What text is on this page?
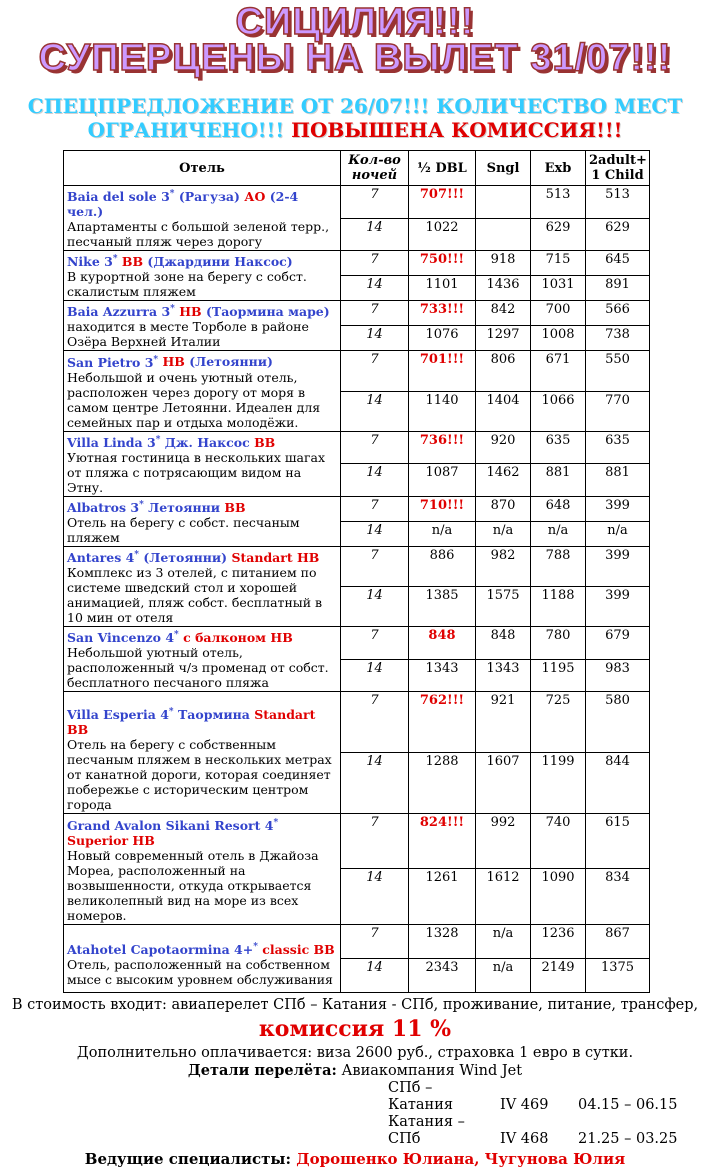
СИЦИЛИЯ!!!
СУПЕРЦЕНЫ НА ВЫЛЕТ 31/07!!!
СПЕЦПРЕДЛОЖЕНИЕ ОТ 26/07!!! КОЛИЧЕСТВО МЕСТ ОГРАНИЧЕНО!!! ПОВЫШЕНА КОМИССИЯ!!!
Отель	Кол-во ночей	½ DBL	Sngl	Exb	2adult+ 1 Child

Baia del sole 3* (Рагуза) АО (2-4 чел.)
Апартаменты с большой зеленой терр., песчаный пляж через дорогу	7	707!!!		513	513
	14	1022		629	629

Nike 3* ВВ (Джардини Наксос)
В курортной зоне на берегу с собст. скалистым пляжем	7	750!!!	918	715	645
	14	1101	1436	1031	891

Baia Azzurra 3* НВ (Таормина маре)
находится в месте Торболе в районе Озёра Верхней Италии	7	733!!!	842	700	566
	14	1076	1297	1008	738

San Pietro 3* НВ (Летоянни)
Небольшой и очень уютный отель, расположен через дорогу от моря в самом центре Летоянни. Идеален для семейных пар и отдыха молодёжи.	7	701!!!	806	671	550
	14	1140	1404	1066	770

Villa Linda 3* Дж. Наксос ВВ
Уютная гостиница в нескольких шагах от пляжа с потрясающим видом на Этну.	7	736!!!	920	635	635
	14	1087	1462	881	881

Albatros 3* Летоянни ВВ
Отель на берегу с собст. песчаным пляжем	7	710!!!	870	648	399
	14	n/a	n/a	n/a	n/a

Antares 4* (Летоянни) Standart HB
Комплекс из 3 отелей, с питанием по системе шведский стол и хорошей анимацией, пляж собст. бесплатный в 10 мин от отеля	7	886	982	788	399
	14	1385	1575	1188	399

San Vincenzo 4* с балконом НВ
Небольшой уютный отель, расположенный ч/з променад от собст. бесплатного песчаного пляжа	7	848	848	780	679
	14	1343	1343	1195	983

Villa Esperia 4* Таормина Standart BB
Отель на берегу с собственным песчаным пляжем в нескольких метрах от канатной дороги, которая соединяет побережье с историческим центром города	7	762!!!	921	725	580
	14	1288	1607	1199	844

Grand Avalon Sikani Resort 4* Superior HB
Новый современный отель в Джайоза Мореа, расположенный на возвышенности, откуда открывается великолепный вид на море из всех номеров.	7	824!!!	992	740	615
	14	1261	1612	1090	834

Atahotel Capotaormina 4+* classic BB
Отель, расположенный на собственном мысе с высоким уровнем обслуживания	7	1328	n/a	1236	867
	14	2343	n/a	2149	1375
В стоимость входит: авиаперелет СПб – Катания - СПб, проживание, питание, трансфер,
комиссия 11 %
Дополнительно оплачивается: виза 2600 руб., страховка 1 евро в сутки.
Детали перелёта: Авиакомпания Wind Jet
СПб – Катания	IV 469 04.15 – 06.15
Катания – СПб	IV 468 21.25 – 03.25
Ведущие специалисты: Дорошенко Юлиана, Чугунова Юлия
